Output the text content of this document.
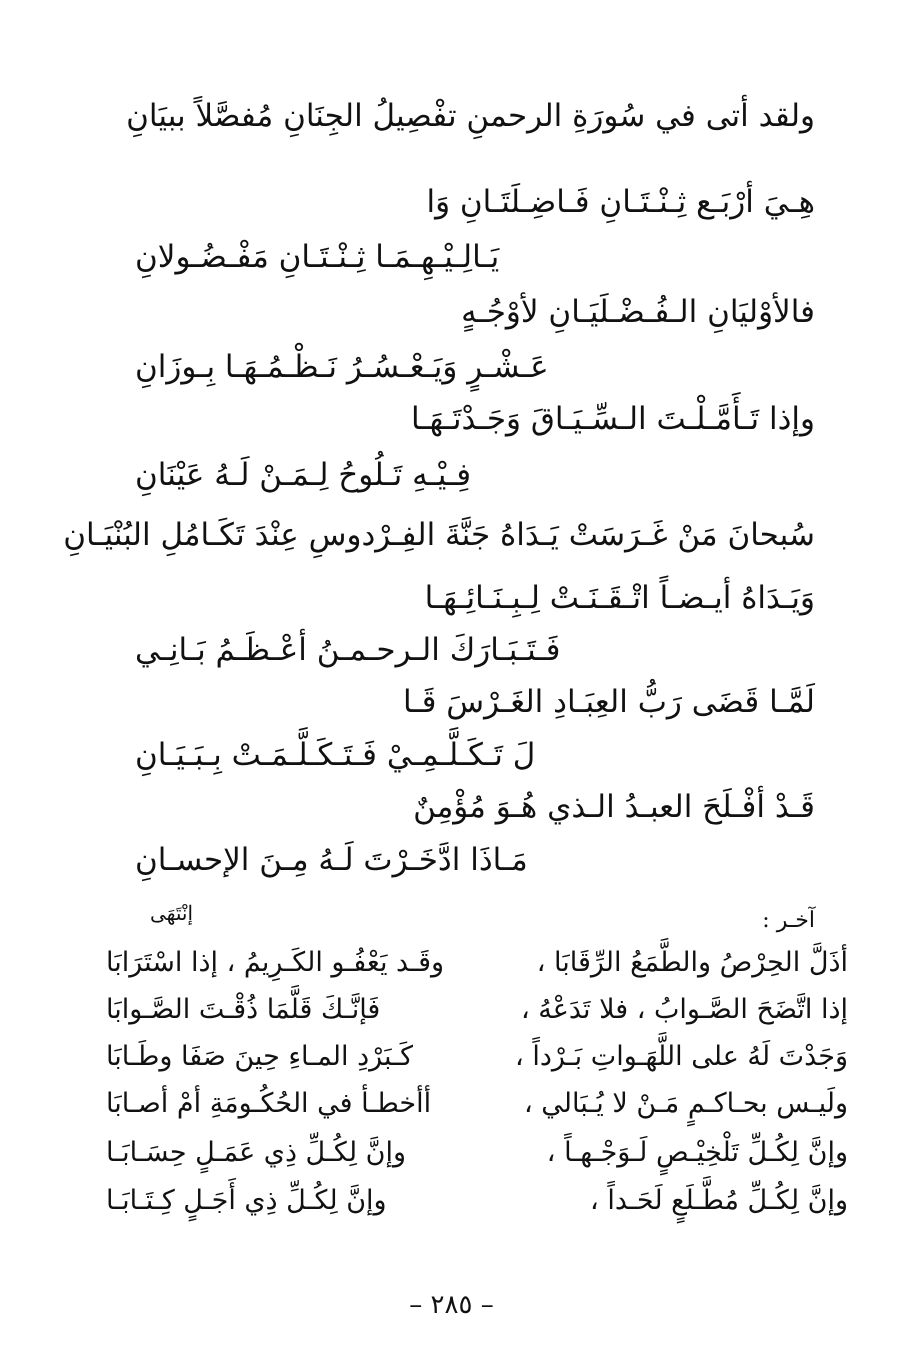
ولقد أتى في سُورَةِ الرحمنِ تفْصِيلُ الجِنَانِ مُفصَّلاً ببيَانِ
هِـيَ أرْبَـع ثِـنْـتَـانِ فَـاضِـلَتَـانِ وَا
يَـالِـيْـهِـمَـا ثِـنْـتَـانِ مَفْـضُـولانِ
فالأوْليَانِ الـفُـضْـلَيَـانِ لأوْجُـهٍ
عَـشْـرٍ وَيَـعْـسُـرُ نَـظْـمُـهَـا بِـوزَانِ
وإذا تَـأَمَّـلْـتَ الـسِّـيَـاقَ وَجَـدْتَـهَـا
فِـيْـهِ تَـلُوحُ لِـمَـنْ لَـهُ عَيْنَانِ
سُبحانَ مَنْ غَـرَسَتْ يَـدَاهُ جَنَّةَ الفِـرْدوسِ عِنْدَ تَكَـامُلِ البُنْيَـانِ
وَيَـدَاهُ أيـضـاً اتْـقَـنَـتْ لِـبِـنَـائِـهَـا
فَـتَـبَـارَكَ الـرحـمـنُ أعْـظَـمُ بَـانِـي
لَمَّـا قَضَى رَبُّ العِبَـادِ الغَـرْسَ قَـا
لَ تَـكَـلَّـمِـيْ فَـتَـكَـلَّـمَـتْ بِـبَـيَـانِ
قَـدْ أفْـلَحَ العبـدُ الـذي هُـوَ مُؤْمِنٌ
مَـاذَا ادَّخَـرْتَ لَـهُ مِـنَ الإحسـانِ
إنْتَهَى	آخـر :
أذَلَّ الحِرْصُ والطَّمَعُ الرِّقَابَا ،
وقَـد يَعْفُـو الكَـرِيمُ ، إذا اسْتَرَابَا
إذا اتَّضَحَ الصَّـوابُ ، فلا تَدَعْهُ ،
فَإنَّـكَ قَلَّمَا ذُقْـتَ الصَّـوابَا
وَجَدْتَ لَهُ على اللَّهَـواتِ بَـرْداً ،
كَـبَرْدِ المـاءِ حِينَ صَفَا وطَـابَا
ولَيـس بحـاكـمٍ مَـنْ لا يُـبَالي ،
أأخطـأ في الحُكُـومَةِ أمْ أصـابَا
وإنَّ لِكُـلِّ تَلْخِيْـصٍ لَـوَجْـهـاً ،
وإنَّ لِكُـلِّ ذِي عَمَـلٍ حِسَـابَـا
وإنَّ لِكُـلِّ مُطَّـلَعٍ لَحَـداً ،
وإنَّ لِكُـلِّ ذِي أَجَـلٍ كِـتَـابَـا
– ٢٨٥ –
